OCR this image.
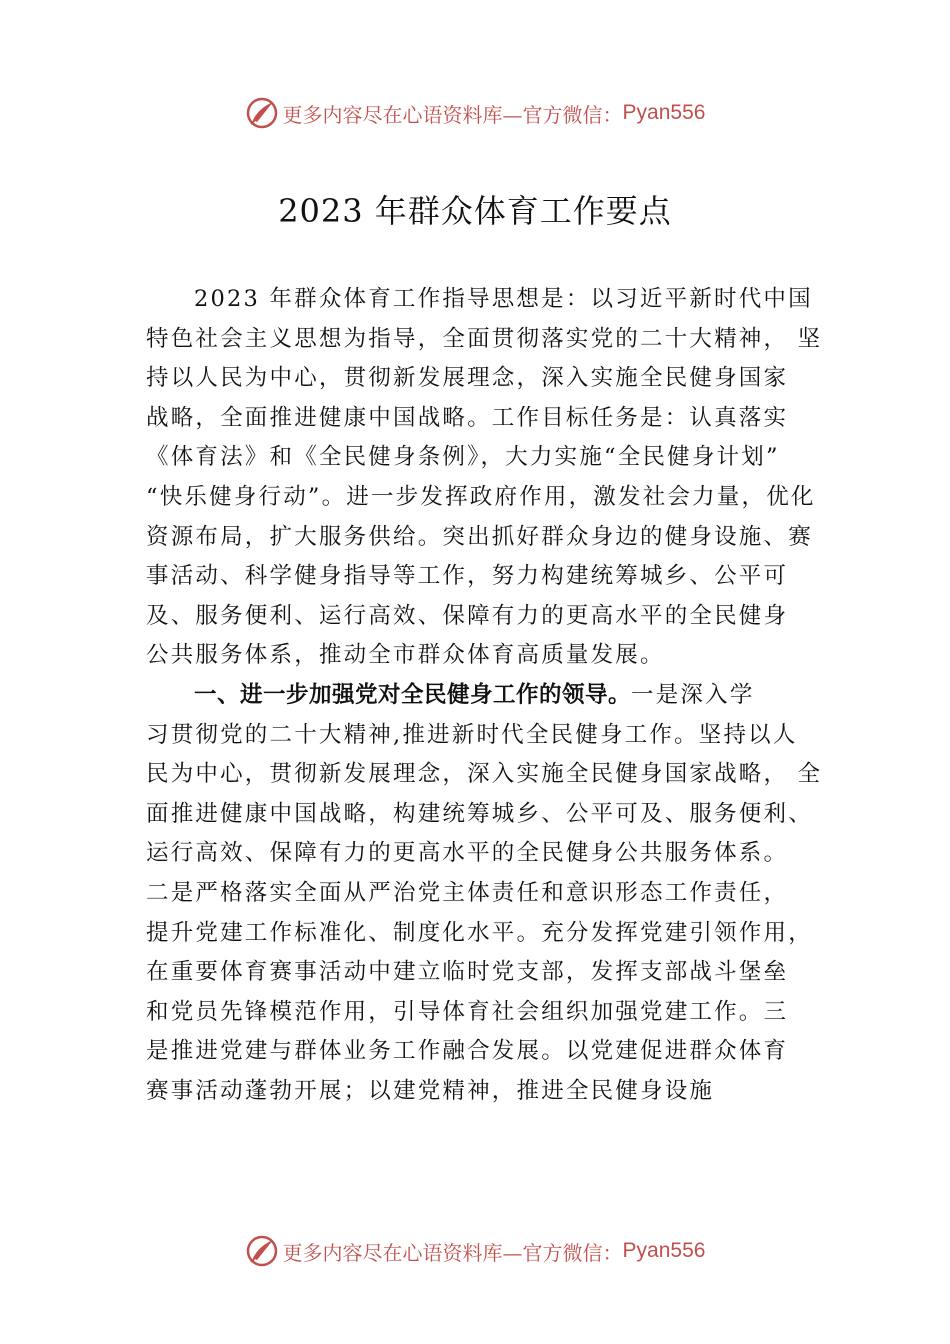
更多内容尽在心语资料库—官方微信： Pyan556
2023 年群众体育工作要点
2023 年群众体育工作指导思想是：以习近平新时代中国
特色社会主义思想为指导，全面贯彻落实党的二十大精神， 坚
持以人民为中心，贯彻新发展理念，深入实施全民健身国家
战略，全面推进健康中国战略。工作目标任务是：认真落实
《体育法》和《全民健身条例》，大力实施“全民健身计划”
“快乐健身行动”。进一步发挥政府作用，激发社会力量，优化
资源布局，扩大服务供给。突出抓好群众身边的健身设施、赛
事活动、科学健身指导等工作，努力构建统筹城乡、公平可
及、服务便利、运行高效、保障有力的更高水平的全民健身
公共服务体系，推动全市群众体育高质量发展。
一、进一步加强党对全民健身工作的领导。一是深入学
习贯彻党的二十大精神,推进新时代全民健身工作。坚持以人
民为中心，贯彻新发展理念，深入实施全民健身国家战略， 全
面推进健康中国战略，构建统筹城乡、公平可及、服务便利、
运行高效、保障有力的更高水平的全民健身公共服务体系。
二是严格落实全面从严治党主体责任和意识形态工作责任，
提升党建工作标准化、制度化水平。充分发挥党建引领作用，
在重要体育赛事活动中建立临时党支部，发挥支部战斗堡垒
和党员先锋模范作用，引导体育社会组织加强党建工作。三
是推进党建与群体业务工作融合发展。以党建促进群众体育
赛事活动蓬勃开展；以建党精神，推进全民健身设施
更多内容尽在心语资料库—官方微信： Pyan556
